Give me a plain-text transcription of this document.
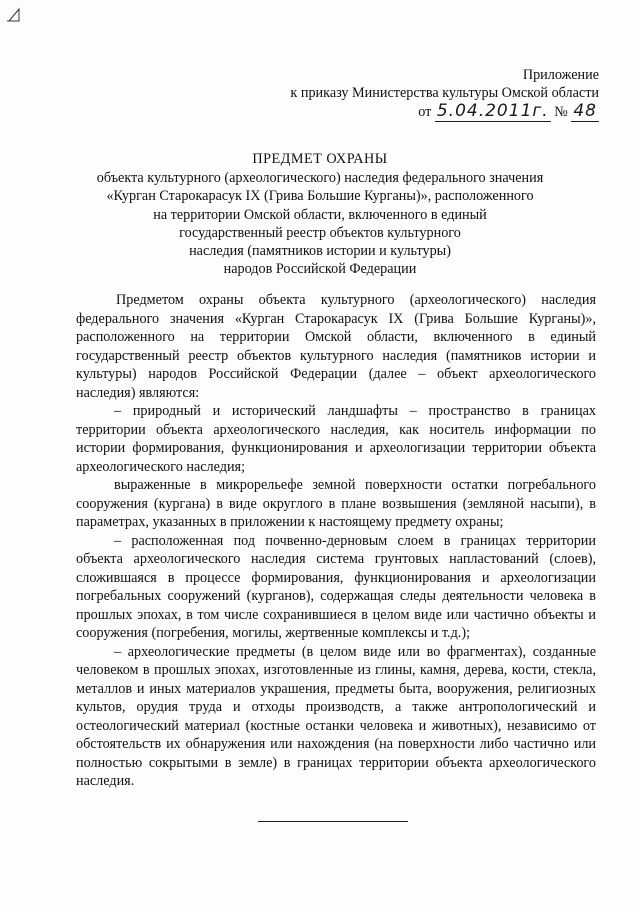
Приложение
к приказу Министерства культуры Омской области
от 5.04.2011г. № 48
ПРЕДМЕТ ОХРАНЫ
объекта культурного (археологического) наследия федерального значения
«Курган Старокарасук IX (Грива Большие Курганы)», расположенного
на территории Омской области, включенного в единый
государственный реестр объектов культурного
наследия (памятников истории и культуры)
народов Российской Федерации

Предметом охраны объекта культурного (археологического) наследия федерального значения «Курган Старокарасук IX (Грива Большие Курганы)», расположенного на территории Омской области, включенного в единый государственный реестр объектов культурного наследия (памятников истории и культуры) народов Российской Федерации (далее – объект археологического наследия) являются:

– природный и исторический ландшафты – пространство в границах территории объекта археологического наследия, как носитель информации по истории формирования, функционирования и археологизации территории объекта археологического наследия;

выраженные в микрорельефе земной поверхности остатки погребального сооружения (кургана) в виде округлого в плане возвышения (земляной насыпи), в параметрах, указанных в приложении к настоящему предмету охраны;

– расположенная под почвенно-дерновым слоем в границах территории объекта археологического наследия система грунтовых напластований (слоев), сложившаяся в процессе формирования, функционирования и археологизации погребальных сооружений (курганов), содержащая следы деятельности человека в прошлых эпохах, в том числе сохранившиеся в целом виде или частично объекты и сооружения (погребения, могилы, жертвенные комплексы и т.д.);

– археологические предметы (в целом виде или во фрагментах), созданные человеком в прошлых эпохах, изготовленные из глины, камня, дерева, кости, стекла, металлов и иных материалов украшения, предметы быта, вооружения, религиозных культов, орудия труда и отходы производств, а также антропологический и остеологический материал (костные останки человека и животных), независимо от обстоятельств их обнаружения или нахождения (на поверхности либо частично или полностью сокрытыми в земле) в границах территории объекта археологического наследия.
